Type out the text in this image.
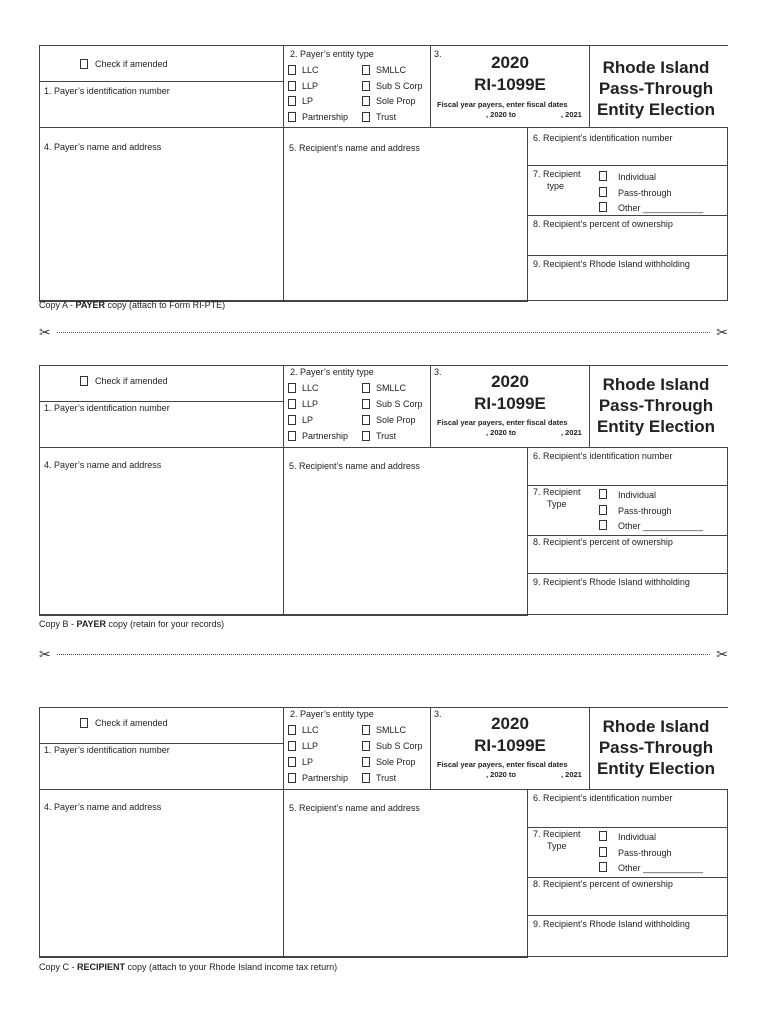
Check if amended
1. Payer’s identification number
2. Payer’s entity type
LLC	SMLLC
LLP	Sub S Corp
LP	Sole Prop
Partnership	Trust
3.	2020
RI-1099E
Fiscal year payers, enter fiscal dates
, 2020 to	, 2021
Rhode Island
Pass-Through
Entity Election
4. Payer’s name and address	5. Recipient’s name and address
6. Recipient’s identification number
7. Recipient
type
Individual
Pass-through
Other ____________
8. Recipient’s percent of ownership
9. Recipient’s Rhode Island withholding
Copy A - PAYER copy (attach to Form RI-PTE)
✂	✂
Check if amended
1. Payer’s identification number
2. Payer’s entity type
LLC	SMLLC
LLP	Sub S Corp
LP	Sole Prop
Partnership	Trust
3.	2020
RI-1099E
Fiscal year payers, enter fiscal dates
, 2020 to	, 2021
Rhode Island
Pass-Through
Entity Election
4. Payer’s name and address	5. Recipient’s name and address
6. Recipient’s identification number
7. Recipient
Type
Individual
Pass-through
Other ____________
8. Recipient’s percent of ownership
9. Recipient’s Rhode Island withholding
Copy B - PAYER copy (retain for your records)
✂	✂
Check if amended
1. Payer’s identification number
2. Payer’s entity type
LLC	SMLLC
LLP	Sub S Corp
LP	Sole Prop
Partnership	Trust
3.	2020
RI-1099E
Fiscal year payers, enter fiscal dates
, 2020 to	, 2021
Rhode Island
Pass-Through
Entity Election
4. Payer’s name and address	5. Recipient’s name and address
6. Recipient’s identification number
7. Recipient
Type
Individual
Pass-through
Other ____________
8. Recipient’s percent of ownership
9. Recipient’s Rhode Island withholding
Copy C - RECIPIENT copy (attach to your Rhode Island income tax return)
